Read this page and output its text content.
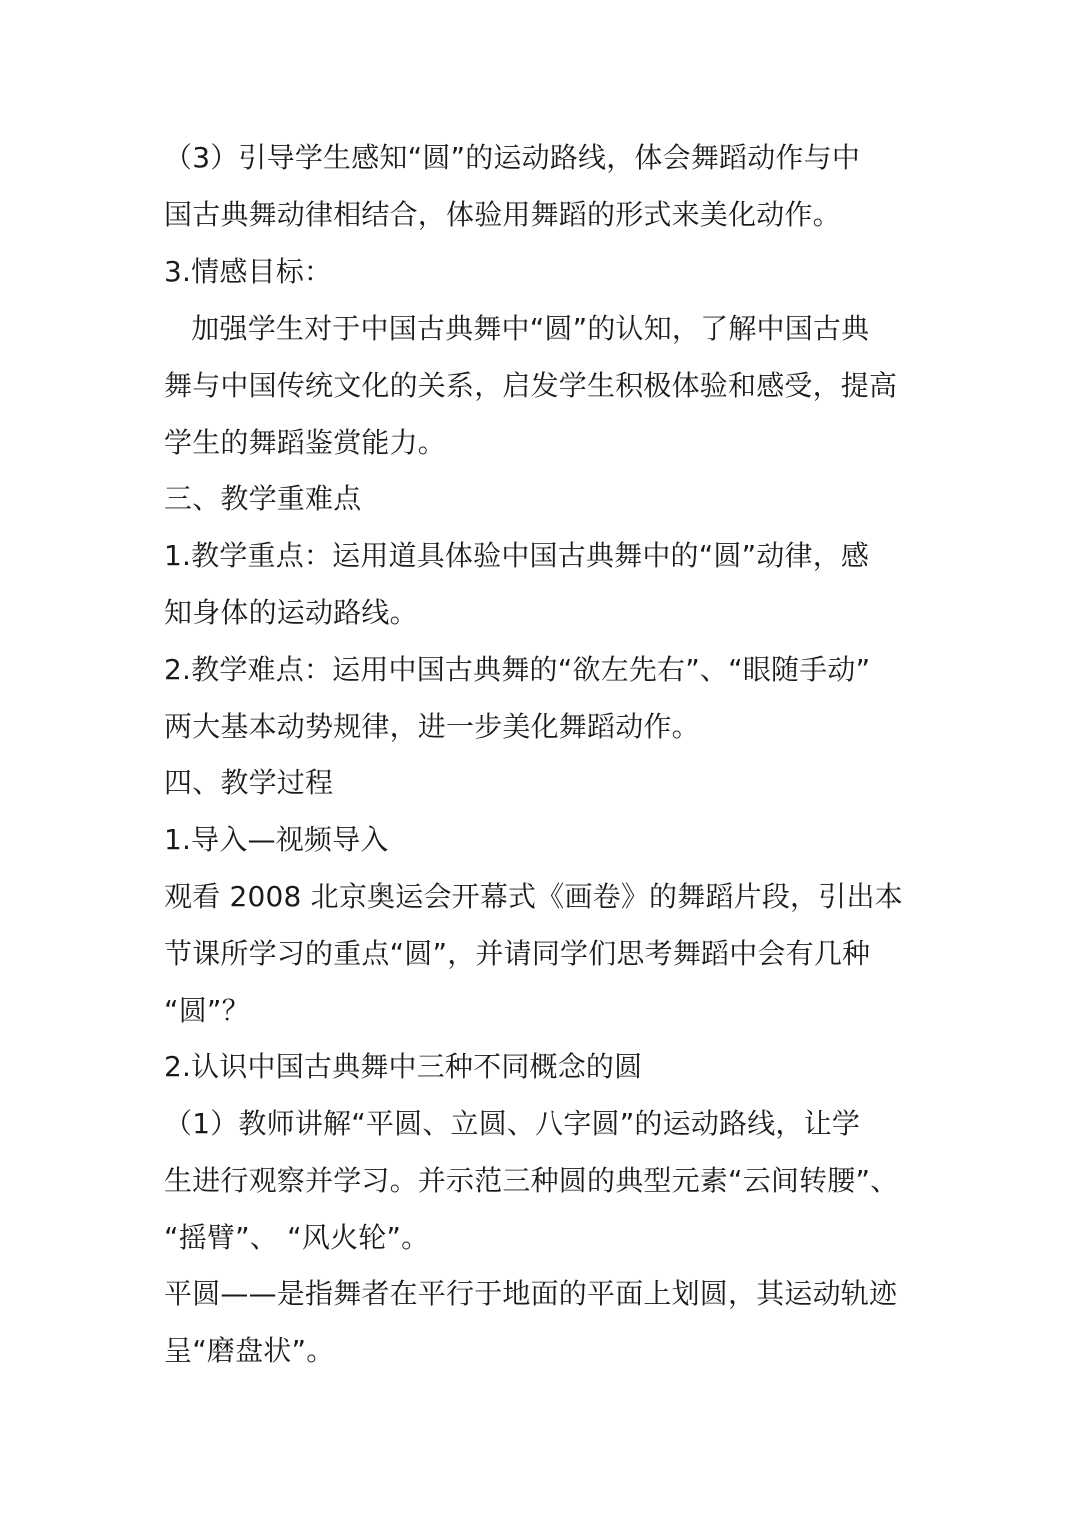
（3）引导学生感知“圆”的运动路线，体会舞蹈动作与中
国古典舞动律相结合，体验用舞蹈的形式来美化动作。
3.情感目标：
加强学生对于中国古典舞中“圆”的认知，了解中国古典
舞与中国传统文化的关系，启发学生积极体验和感受，提高
学生的舞蹈鉴赏能力。
三、教学重难点
1.教学重点：运用道具体验中国古典舞中的“圆”动律，感
知身体的运动路线。
2.教学难点：运用中国古典舞的“欲左先右”、“眼随手动”
两大基本动势规律，进一步美化舞蹈动作。
四、教学过程
1.导入—视频导入
观看 2008 北京奥运会开幕式《画卷》的舞蹈片段，引出本
节课所学习的重点“圆”，并请同学们思考舞蹈中会有几种
“圆”？
2.认识中国古典舞中三种不同概念的圆
（1）教师讲解“平圆、立圆、八字圆”的运动路线，让学
生进行观察并学习。并示范三种圆的典型元素“云间转腰”、
“摇臂”、 “风火轮”。
平圆——是指舞者在平行于地面的平面上划圆，其运动轨迹
呈“磨盘状”。
